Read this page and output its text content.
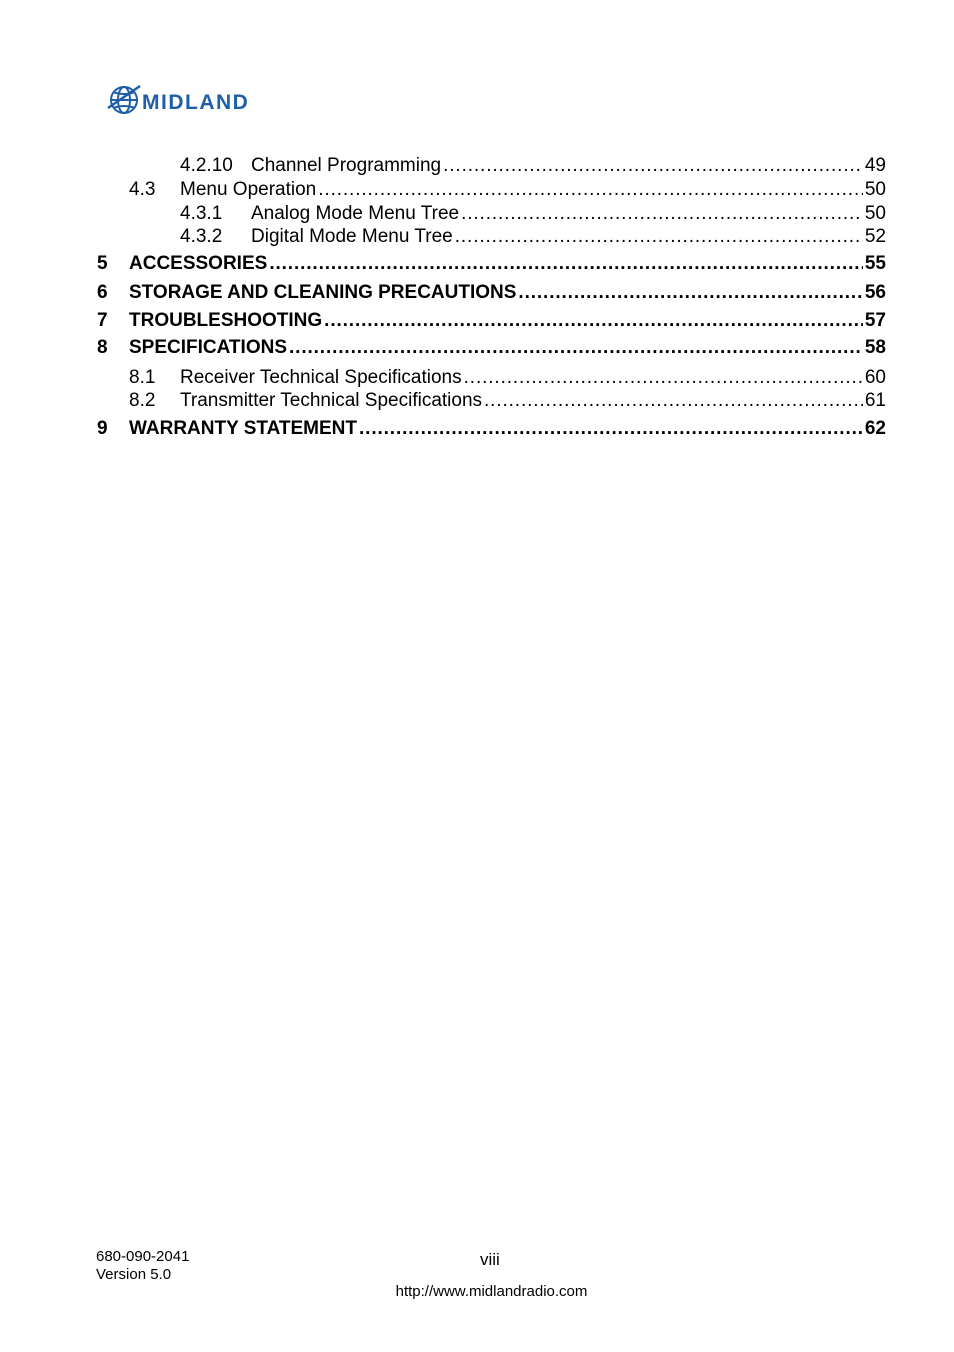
MIDLAND
4.2.10 Channel Programming . . .	49
4.3 Menu Operation . . .	50
4.3.1 Analog Mode Menu Tree . . .	50
4.3.2 Digital Mode Menu Tree . . .	52
5 ACCESSORIES . . .	55
6 STORAGE AND CLEANING PRECAUTIONS . . .	56
7 TROUBLESHOOTING . . .	57
8 SPECIFICATIONS . . .	58
8.1 Receiver Technical Specifications . . .	60
8.2 Transmitter Technical Specifications . . .	61
9 WARRANTY STATEMENT . . .	62
680-090-2041
Version 5.0
viii
http://www.midlandradio.com
